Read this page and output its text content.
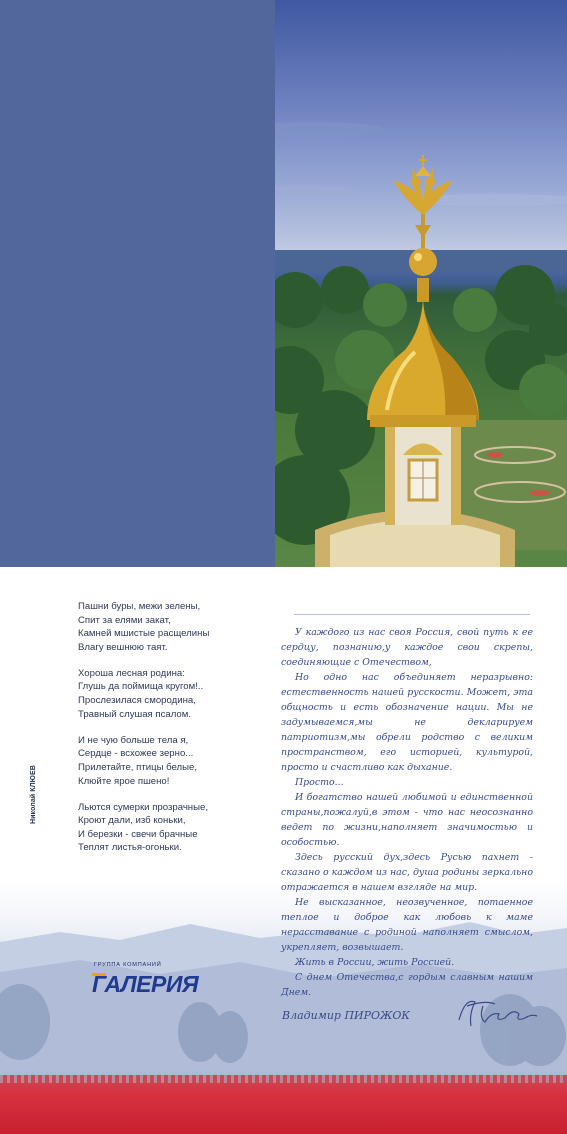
Пашни буры, межи зелены,
Спит за елями закат,
Камней мшистые расщелины
Влагу вешнюю таят.
Хороша лесная родина:
Глушь да поймища кругом!..
Прослезилася смородина,
Травный слушая псалом.
И не чую больше тела я,
Сердце - всхожее зерно...
Прилетайте, птицы белые,
Клюйте ярое пшено!
Льются сумерки прозрачные,
Кроют дали, изб коньки,
И березки - свечи брачные
Теплят листья-огоньки.
Николай КЛЮЕВ

У каждого из нас своя Россия, свой путь к ее сердцу, познанию,у каждое свои скрепы, соединяющие с Отечеством,

Но одно нас объединяет неразрывно: естественность нашей русскости. Может, эта общность и есть обозначение нации. Мы не задумываемся,мы не декларируем патриотизм,мы обрели родство с великим пространством, его историей, культурой, просто и счастливо как дыхание.

Просто...

И богатство нашей любимой и единственной страны,пожалуй,в этом - что нас неосознанно ведет по жизни,наполняет значимостью и особостью.

Здесь русский дух,здесь Русью пахнет - сказано о каждом из нас, душа родины зеркально отражается в нашем взгляде на мир.

Не высказанное, неозвученное, потаенное теплое и доброе как любовь к маме нерасставание с родиной наполняет смыслом, укрепляет, возвышает.

Жить в России, жить Россией.

С днем Отечества,с гордым славным нашим Днем.

Владимир ПИРОЖОК
ГРУППА КОМПАНИЙ
ГАЛЕРИЯ
